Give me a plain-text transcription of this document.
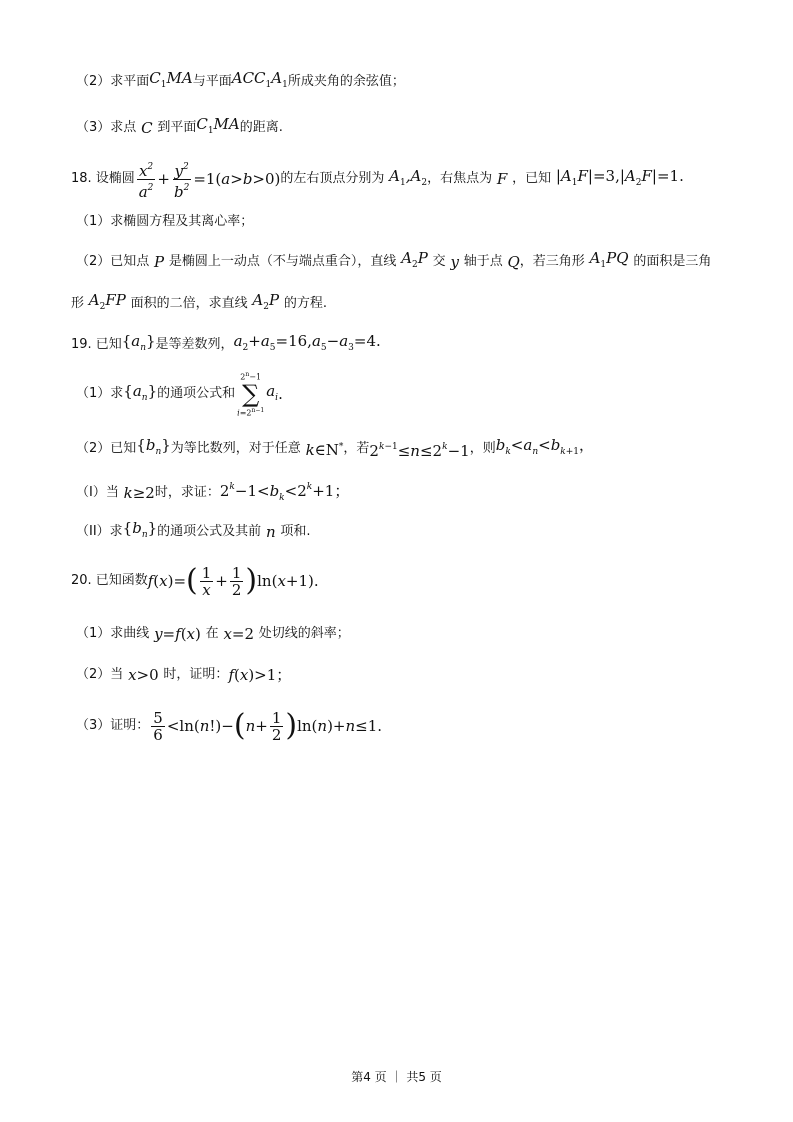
（2） 求平面 $C_1MA$ 与平面 $ACC_1A_1$ 所成夹角的余弦值；
（3） 求点 C 到平面 $C_1MA$ 的距离.
18. 设椭圆 $\frac{x^2}{a^2} + \frac{y^2}{b^2} =1(a>b>0)$ 的左右顶点分别为 $A_1,A_2$ ，右焦点为 F ，已知 $|A_1F|=3,|A_2F|=1$.
（1）求椭圆方程及其离心率；
（2）已知点 P 是椭圆上一动点（不与端点重合），直线 $A_2P$ 交 y 轴于点 Q ，若三角形 $A_1PQ$ 的面积是三角
形 $A_2FP$ 面积的二倍，求直线 $A_2P$ 的方程.
19. 已知 $\{a_n\}$ 是等差数列， $a_2+a_5=16,a_5-a_3=4$.
（1）求 $\{a_n\}$ 的通项公式和
$2^n-1$
∑
$i=2^{n-1}$
$a_i$ .
（2）已知 $\{b_n\}$ 为等比数列，对于任意 k∈N* ，若 $2^{k-1}\le n\le 2^k-1$ ，则 $b_k<a_n<b_{k+1}$，
（I）当 k≥2 时，求证： $2^k-1<b_k<2^k+1$；
（II）求 $\{b_n\}$ 的通项公式及其前 n 项和.
20. 已知函数 f(x)= ( $\frac{1}{x} + \frac{1}{2}$ ) ln(x+1).
（1）求曲线 y=f(x) 在 x=2 处切线的斜率；
（2）当 x>0 时，证明： f(x)>1；
（3）证明： $\frac{5}{6} <\ln(n!)-$ ( $n + \frac{1}{2}$ ) ln(n)+n≤1.
第4 页 ｜ 共5 页
